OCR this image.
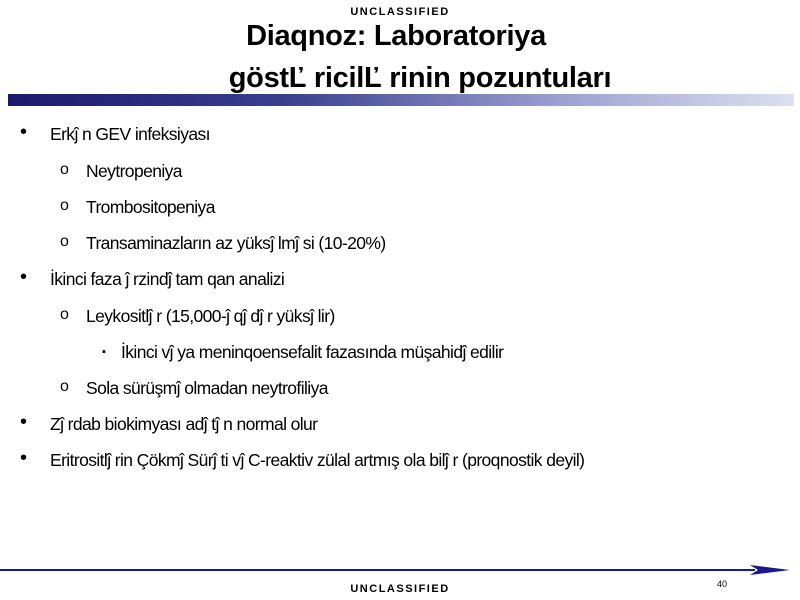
UNCLASSIFIED
Diaqnoz: Laboratoriya
göstĽ ricilĽ rinin pozuntuları
• Erkĵ n GEV infeksiyası
o Neytropeniya
o Trombositopeniya
o Transaminazların az yüksĵ lmĵ si (10-20%)
• İkinci faza ĵ rzindĵ tam qan analizi
o Leykositlĵ r (15,000-ĵ qĵ dĵ r yüksĵ lir)
▪ İkinci vĵ ya meninqoensefalit fazasında müşahidĵ edilir
o Sola sürüşmĵ olmadan neytrofiliya
• Zĵ rdab biokimyası adĵ tĵ n normal olur
• Eritrositlĵ rin Çökmĵ Sürĵ ti vĵ C-reaktiv zülal artmış ola bilĵ r (proqnostik deyil)
40
UNCLASSIFIED
